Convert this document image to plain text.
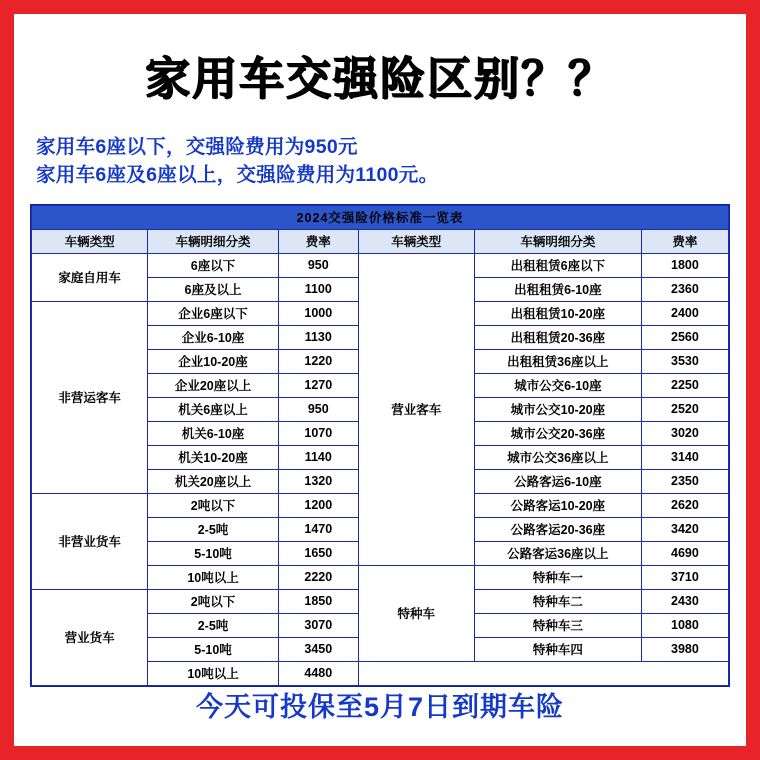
家用车交强险区别？？
家用车6座以下，交强险费用为950元
家用车6座及6座以上，交强险费用为1100元。
2024交强险价格标准一览表					
车辆类型	车辆明细分类	费率	车辆类型	车辆明细分类	费率
家庭自用车	6座以下	950	营业客车	出租租赁6座以下	1800
	6座及以上	1100		出租租赁6-10座	2360
非营运客车	企业6座以下	1000		出租租赁10-20座	2400
	企业6-10座	1130		出租租赁20-36座	2560
	企业10-20座	1220		出租租赁36座以上	3530
	企业20座以上	1270		城市公交6-10座	2250
	机关6座以上	950		城市公交10-20座	2520
	机关6-10座	1070		城市公交20-36座	3020
	机关10-20座	1140		城市公交36座以上	3140
	机关20座以上	1320		公路客运6-10座	2350
非营业货车	2吨以下	1200		公路客运10-20座	2620
	2-5吨	1470		公路客运20-36座	3420
	5-10吨	1650		公路客运36座以上	4690
	10吨以上	2220	特种车	特种车一	3710
营业货车	2吨以下	1850		特种车二	2430
	2-5吨	3070		特种车三	1080
	5-10吨	3450		特种车四	3980
	10吨以上	4480			
今天可投保至5月7日到期车险
